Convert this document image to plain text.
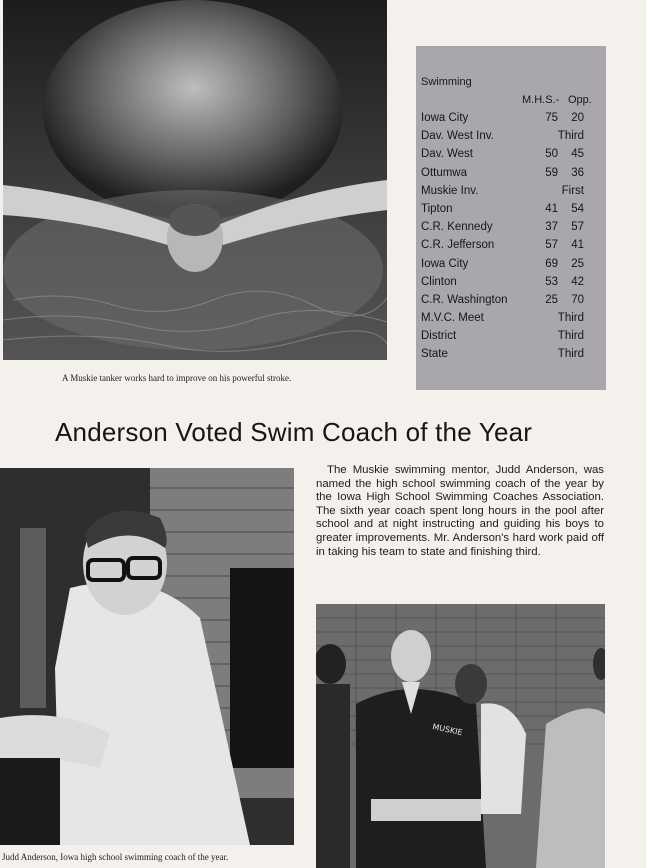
A Muskie tanker works hard to improve on his powerful stroke.
Swimming
M.H.S.- Opp.
Iowa City	75	20
Dav. West Inv.	Third
Dav. West	50	45
Ottumwa	59	36
Muskie Inv.	First
Tipton	41	54
C.R. Kennedy	37	57
C.R. Jefferson	57	41
Iowa City	69	25
Clinton	53	42
C.R. Washington	25	70
M.V.C. Meet	Third
District	Third
State	Third
Anderson Voted Swim Coach of the Year
Judd Anderson, Iowa high school swimming coach of the year.

The Muskie swimming mentor, Judd Anderson, was named the high school swimming coach of the year by the Iowa High School Swimming Coaches Association. The sixth year coach spent long hours in the pool after school and at night instructing and guiding his boys to greater improvements. Mr. Anderson's hard work paid off in taking his team to state and finishing third.

MUSKIE
